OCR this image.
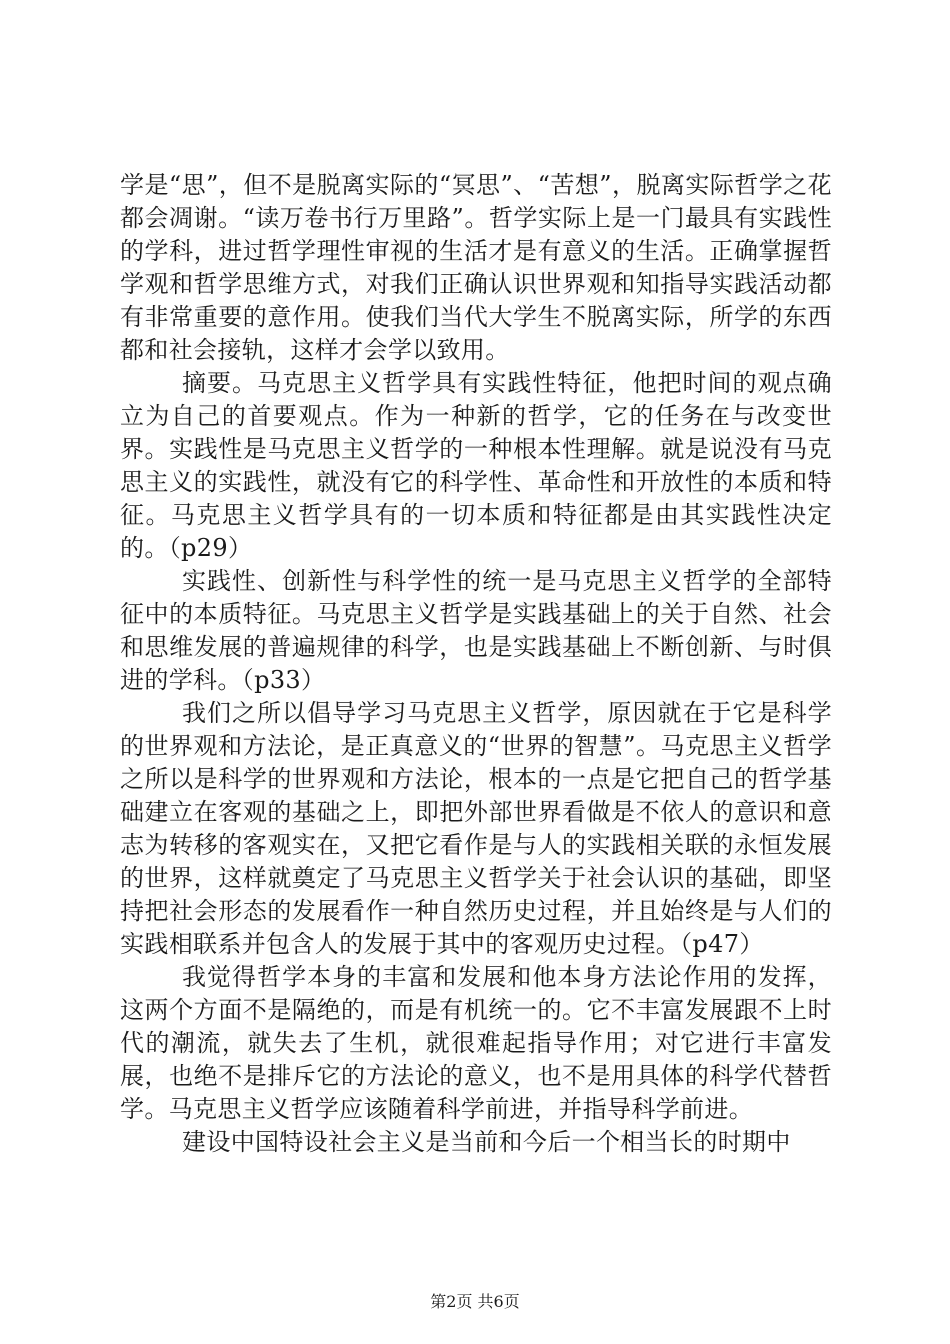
学是“思”，但不是脱离实际的“冥思”、“苦想”，脱离实际哲学之花都会凋谢。“读万卷书行万里路”。哲学实际上是一门最具有实践性的学科，进过哲学理性审视的生活才是有意义的生活。正确掌握哲学观和哲学思维方式，对我们正确认识世界观和知指导实践活动都有非常重要的意作用。使我们当代大学生不脱离实际，所学的东西都和社会接轨，这样才会学以致用。

摘要。马克思主义哲学具有实践性特征，他把时间的观点确立为自己的首要观点。作为一种新的哲学，它的任务在与改变世界。实践性是马克思主义哲学的一种根本性理解。就是说没有马克思主义的实践性，就没有它的科学性、革命性和开放性的本质和特征。马克思主义哲学具有的一切本质和特征都是由其实践性决定的。（p29）

实践性、创新性与科学性的统一是马克思主义哲学的全部特征中的本质特征。马克思主义哲学是实践基础上的关于自然、社会和思维发展的普遍规律的科学，也是实践基础上不断创新、与时俱进的学科。（p33）

我们之所以倡导学习马克思主义哲学，原因就在于它是科学的世界观和方法论，是正真意义的“世界的智慧”。马克思主义哲学之所以是科学的世界观和方法论，根本的一点是它把自己的哲学基础建立在客观的基础之上，即把外部世界看做是不依人的意识和意志为转移的客观实在，又把它看作是与人的实践相关联的永恒发展的世界，这样就奠定了马克思主义哲学关于社会认识的基础，即坚持把社会形态的发展看作一种自然历史过程，并且始终是与人们的实践相联系并包含人的发展于其中的客观历史过程。（p47）

我觉得哲学本身的丰富和发展和他本身方法论作用的发挥，这两个方面不是隔绝的，而是有机统一的。它不丰富发展跟不上时代的潮流，就失去了生机，就很难起指导作用；对它进行丰富发展，也绝不是排斥它的方法论的意义，也不是用具体的科学代替哲学。马克思主义哲学应该随着科学前进，并指导科学前进。

建设中国特设社会主义是当前和今后一个相当长的时期中

第2页 共6页
